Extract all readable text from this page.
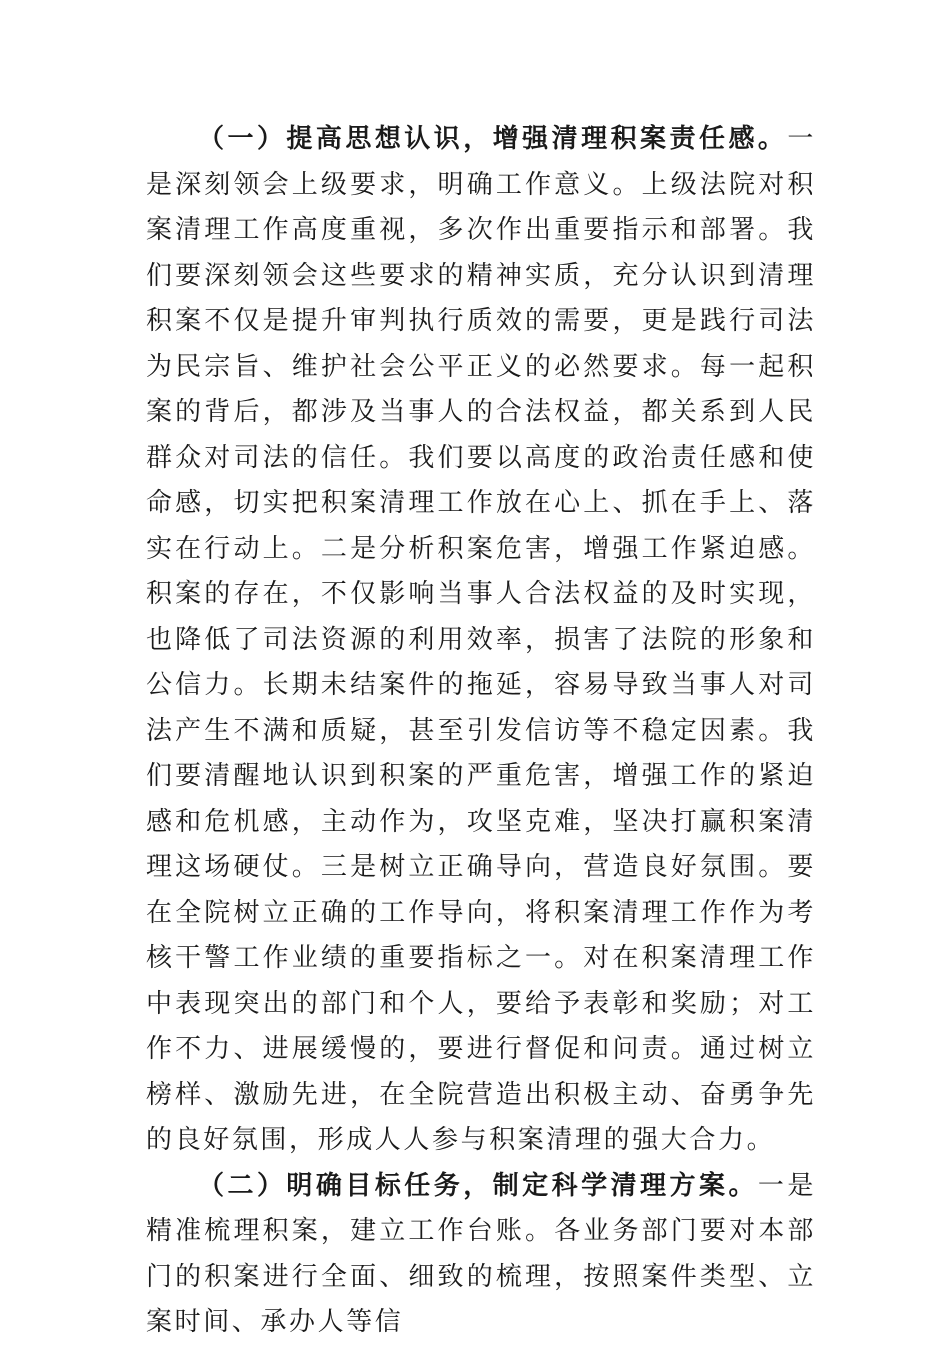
（一）提高思想认识，增强清理积案责任感。一是深刻领会上级要求，明确工作意义。上级法院对积案清理工作高度重视，多次作出重要指示和部署。我们要深刻领会这些要求的精神实质，充分认识到清理积案不仅是提升审判执行质效的需要，更是践行司法为民宗旨、维护社会公平正义的必然要求。每一起积案的背后，都涉及当事人的合法权益，都关系到人民群众对司法的信任。我们要以高度的政治责任感和使命感，切实把积案清理工作放在心上、抓在手上、落实在行动上。二是分析积案危害，增强工作紧迫感。积案的存在，不仅影响当事人合法权益的及时实现，也降低了司法资源的利用效率，损害了法院的形象和公信力。长期未结案件的拖延，容易导致当事人对司法产生不满和质疑，甚至引发信访等不稳定因素。我们要清醒地认识到积案的严重危害，增强工作的紧迫感和危机感，主动作为，攻坚克难，坚决打赢积案清理这场硬仗。三是树立正确导向，营造良好氛围。要在全院树立正确的工作导向，将积案清理工作作为考核干警工作业绩的重要指标之一。对在积案清理工作中表现突出的部门和个人，要给予表彰和奖励；对工作不力、进展缓慢的，要进行督促和问责。通过树立榜样、激励先进，在全院营造出积极主动、奋勇争先的良好氛围，形成人人参与积案清理的强大合力。

（二）明确目标任务，制定科学清理方案。一是精准梳理积案，建立工作台账。各业务部门要对本部门的积案进行全面、细致的梳理，按照案件类型、立案时间、承办人等信
